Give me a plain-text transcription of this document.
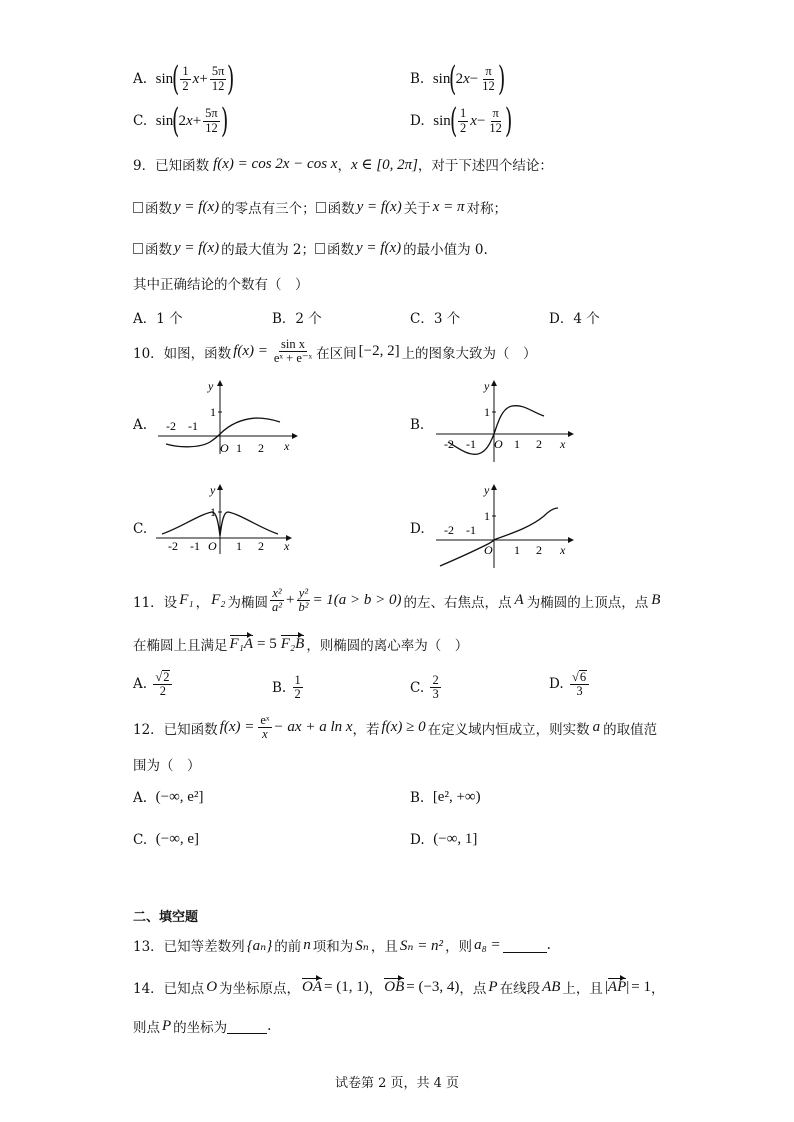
A.
sin
( $\frac{1}{2}$ $x + \frac{5\pi}{12}$ )	B.
sin
(
2 $x - \frac{\pi}{12}$ )
C.
sin
(
2 $x + \frac{5\pi}{12}$ )	D.
sin
( $\frac{1}{2}$ $x - \frac{\pi}{12}$ )
9．已知函数 f(x) = cos 2x − cos x ， x ∈ [0, 2π] ，对于下述四个结论：
函数 y = f(x) 的零点有三个； 函数 y = f(x) 关于 x = π 对称；
函数 y = f(x) 的最大值为 2； 函数 y = f(x) 的最小值为 0.
其中正确结论的个数有（　）
A．1 个	B．2 个	C．3 个	D．4 个
10．如图，函数 $f(x) = \frac{\text{sin x}}{\text{eˣ + e⁻ˣ}}$ 在区间 [−2, 2] 上的图象大致为（　）
A.	B.
C.	D.
y
x
O
1
1 2
-2 -1
y
x
O
1
1 2
-2 -1
y
x
O
1
1 2
-2 -1
y
x
O
1
1 2
-2 -1
11．设 F₁ ， F₂ 为椭圆 $\frac{\text{x²}}{\text{a²}} + \frac{\text{y²}}{\text{b²}} = 1(a > b > 0)$ 的左、右焦点，点 A 为椭圆的上顶点，点 B
在椭圆上且满足 F₁A = 5 F₂B ，则椭圆的离心率为（　）
A.
$\frac{√2}{2}$	B.
$\frac{1}{2}$	C.
$\frac{2}{3}$	D.
$\frac{√6}{3}$
12．已知函数 $f(x) = \frac{\text{eˣ}}{x}$ − ax + a ln x ，若 f(x) ≥ 0 在定义域内恒成立，则实数 a 的取值范
围为（　）
A.
(−∞, e²]	B.
[e², +∞)
C.
(−∞, e]	D.
(−∞, 1]
二、填空题
13．已知等差数列 {aₙ} 的前 n 项和为 Sₙ ，且 Sₙ = n² ，则 a₈ =	.
14．已知点 O 为坐标原点， OA = (1, 1) ， OB = (−3, 4) ，点 P 在线段 AB 上，且 | AP | = 1 ，
则点 P 的坐标为	.
试卷第 2 页，共 4 页
